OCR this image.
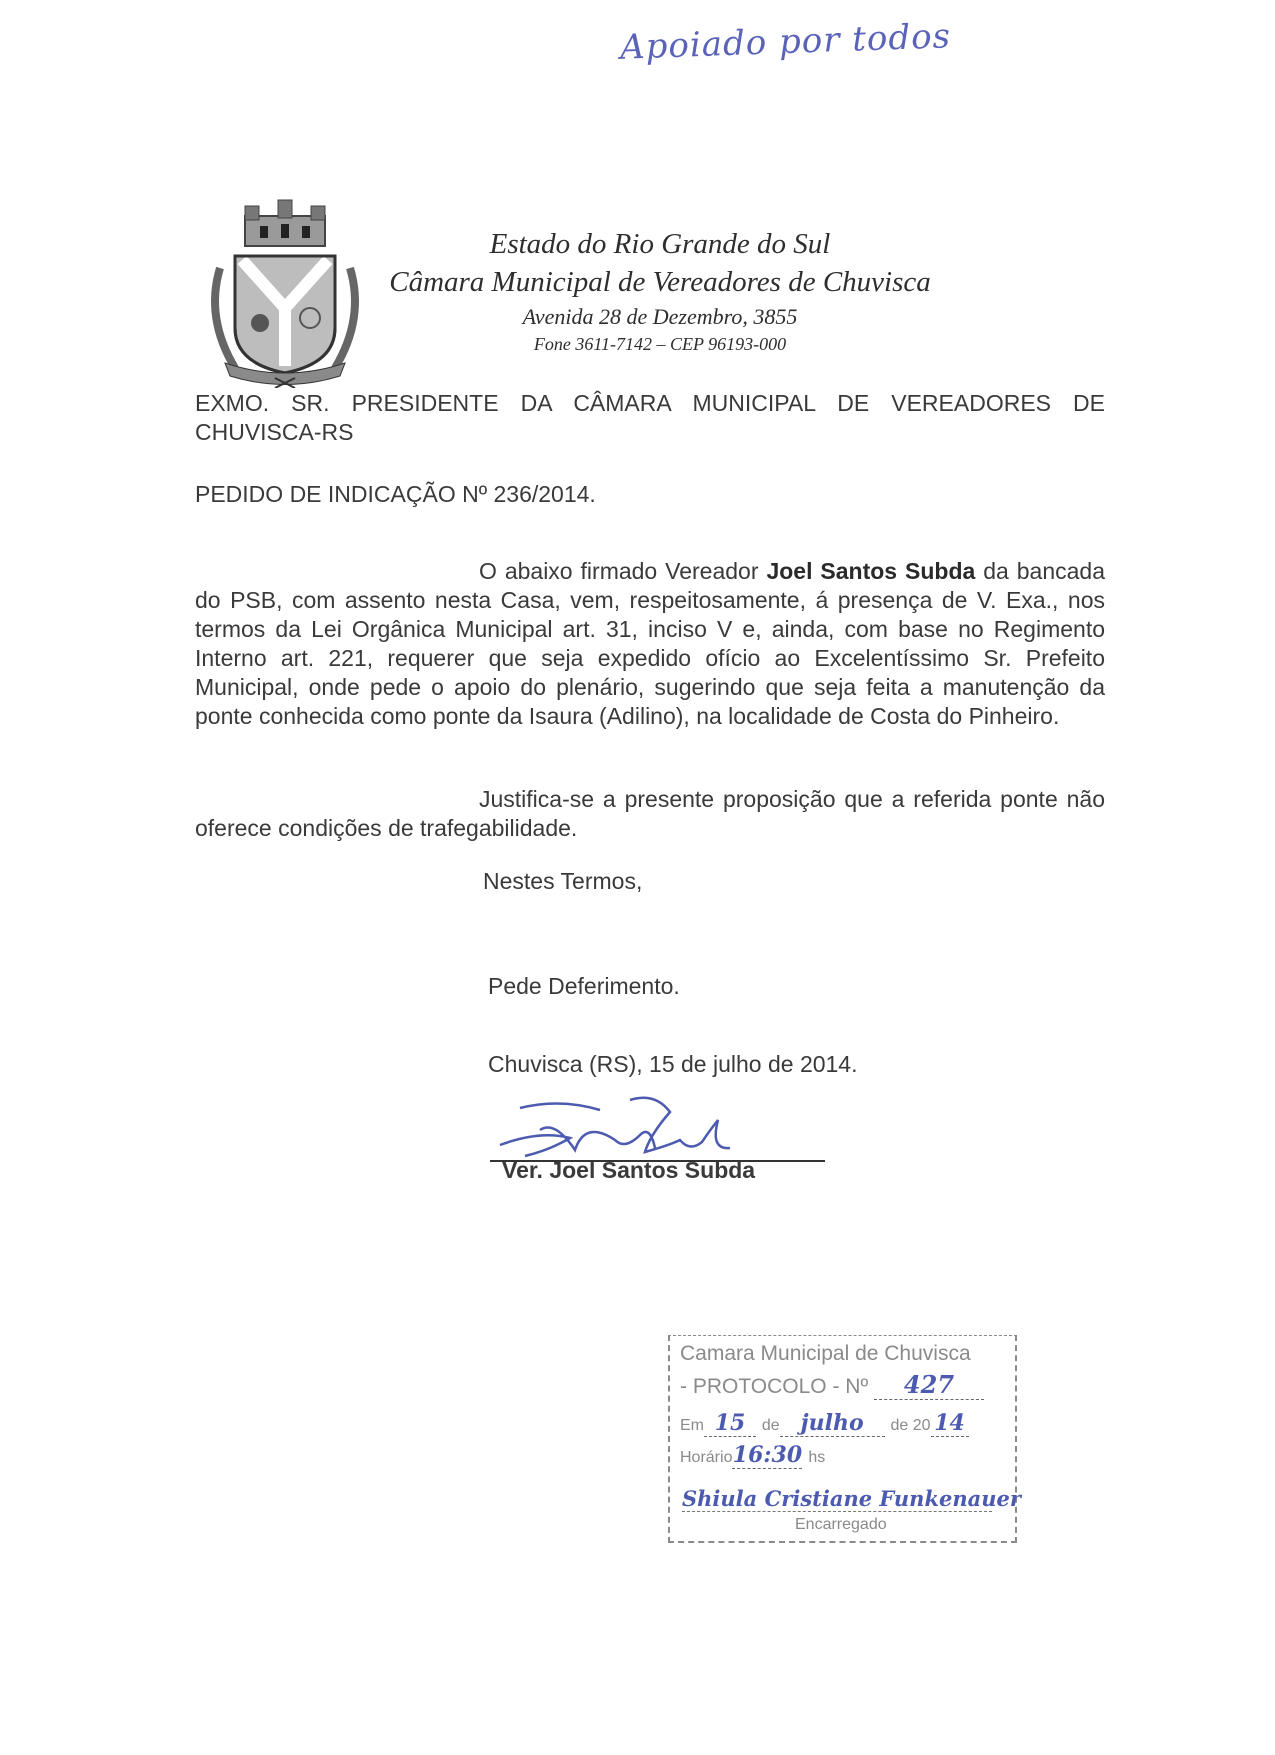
Apoiado por todos
Estado do Rio Grande do Sul
Câmara Municipal de Vereadores de Chuvisca
Avenida 28 de Dezembro, 3855
Fone 3611-7142 – CEP 96193-000
EXMO. SR. PRESIDENTE DA CÂMARA MUNICIPAL DE VEREADORES DE CHUVISCA-RS
PEDIDO DE INDICAÇÃO Nº 236/2014.
O abaixo firmado Vereador Joel Santos Subda da bancada do PSB, com assento nesta Casa, vem, respeitosamente, á presença de V. Exa., nos termos da Lei Orgânica Municipal art. 31, inciso V e, ainda, com base no Regimento Interno art. 221, requerer que seja expedido ofício ao Excelentíssimo Sr. Prefeito Municipal, onde pede o apoio do plenário, sugerindo que seja feita a manutenção da ponte conhecida como ponte da Isaura (Adilino), na localidade de Costa do Pinheiro.
Justifica-se a presente proposição que a referida ponte não oferece condições de trafegabilidade.
Nestes Termos,
Pede Deferimento.
Chuvisca (RS), 15 de julho de 2014.
Ver. Joel Santos Subda
Camara Municipal de Chuvisca
- PROTOCOLO - Nº 427
Em 15 de julho de 20 14
Horário16:30 hs
Shiula Cristiane Funkenauer
Encarregado
